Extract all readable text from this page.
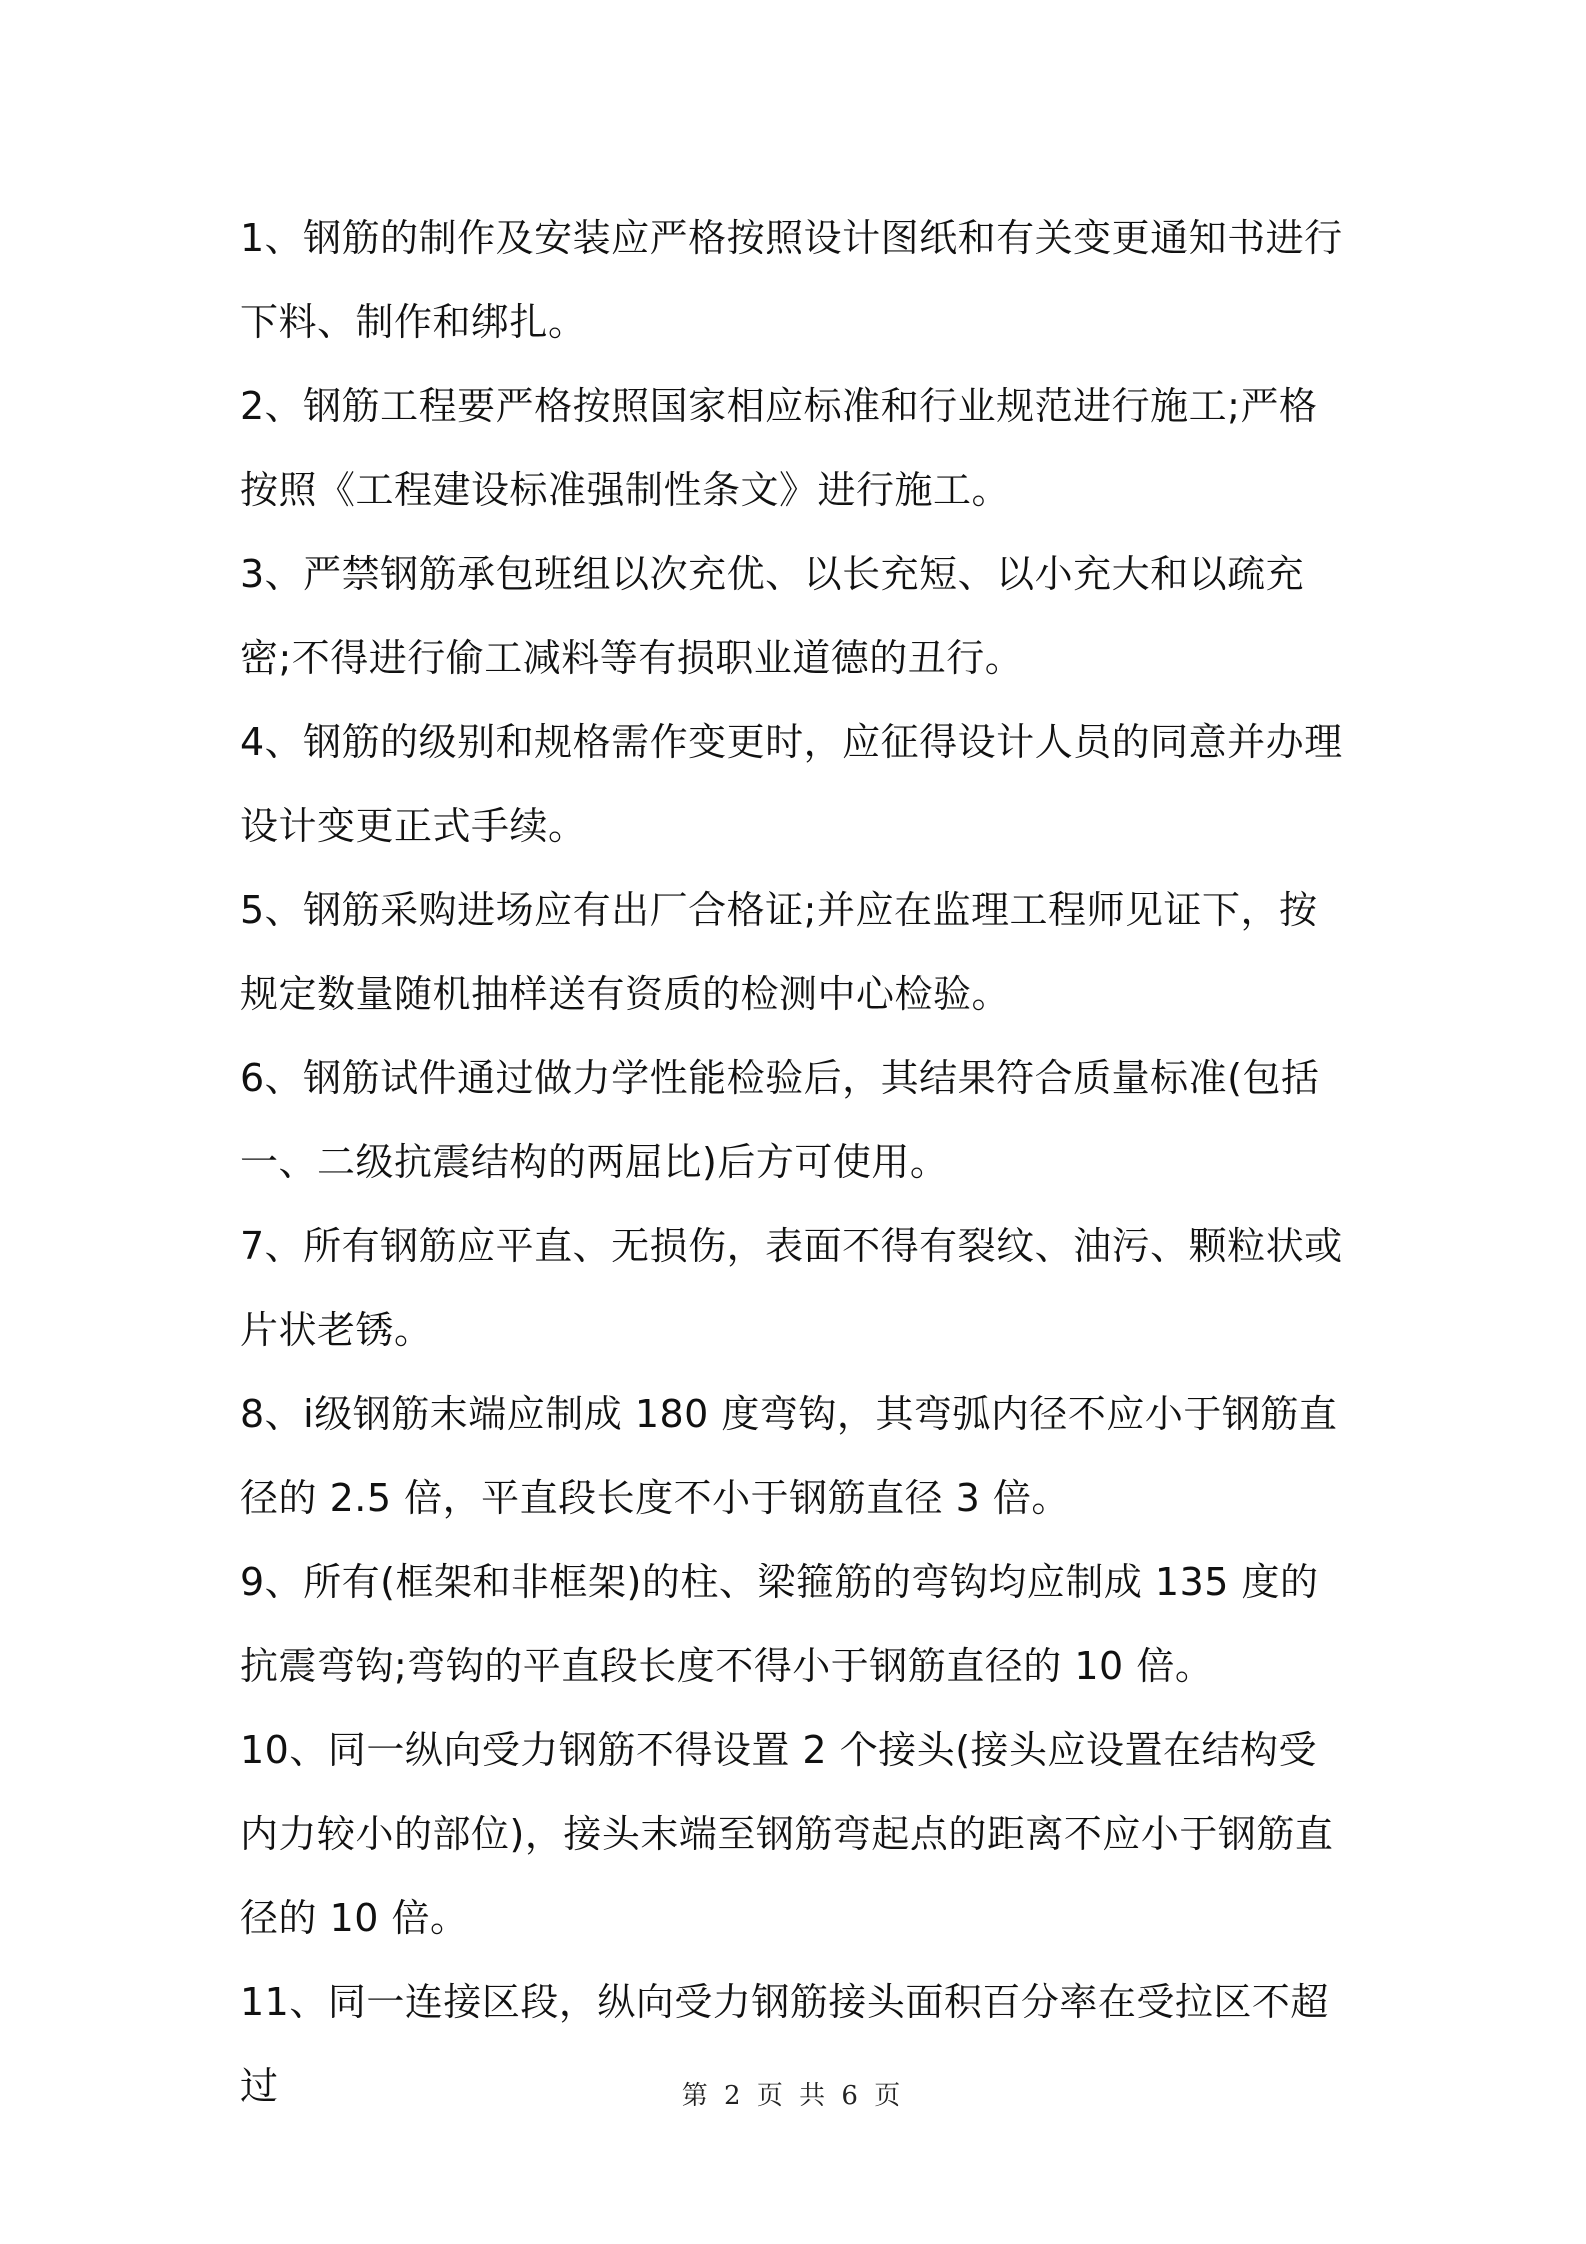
1、钢筋的制作及安装应严格按照设计图纸和有关变更通知书进行下料、制作和绑扎。

2、钢筋工程要严格按照国家相应标准和行业规范进行施工;严格按照《工程建设标准强制性条文》进行施工。

3、严禁钢筋承包班组以次充优、以长充短、以小充大和以疏充密;不得进行偷工减料等有损职业道德的丑行。

4、钢筋的级别和规格需作变更时，应征得设计人员的同意并办理设计变更正式手续。

5、钢筋采购进场应有出厂合格证;并应在监理工程师见证下，按规定数量随机抽样送有资质的检测中心检验。

6、钢筋试件通过做力学性能检验后，其结果符合质量标准(包括一、二级抗震结构的两屈比)后方可使用。

7、所有钢筋应平直、无损伤，表面不得有裂纹、油污、颗粒状或片状老锈。

8、ⅰ级钢筋末端应制成 180 度弯钩，其弯弧内径不应小于钢筋直径的 2.5 倍，平直段长度不小于钢筋直径 3 倍。

9、所有(框架和非框架)的柱、梁箍筋的弯钩均应制成 135 度的抗震弯钩;弯钩的平直段长度不得小于钢筋直径的 10 倍。

10、同一纵向受力钢筋不得设置 2 个接头(接头应设置在结构受内力较小的部位)，接头末端至钢筋弯起点的距离不应小于钢筋直径的 10 倍。

11、同一连接区段，纵向受力钢筋接头面积百分率在受拉区不超过	第 2 页 共 6 页
